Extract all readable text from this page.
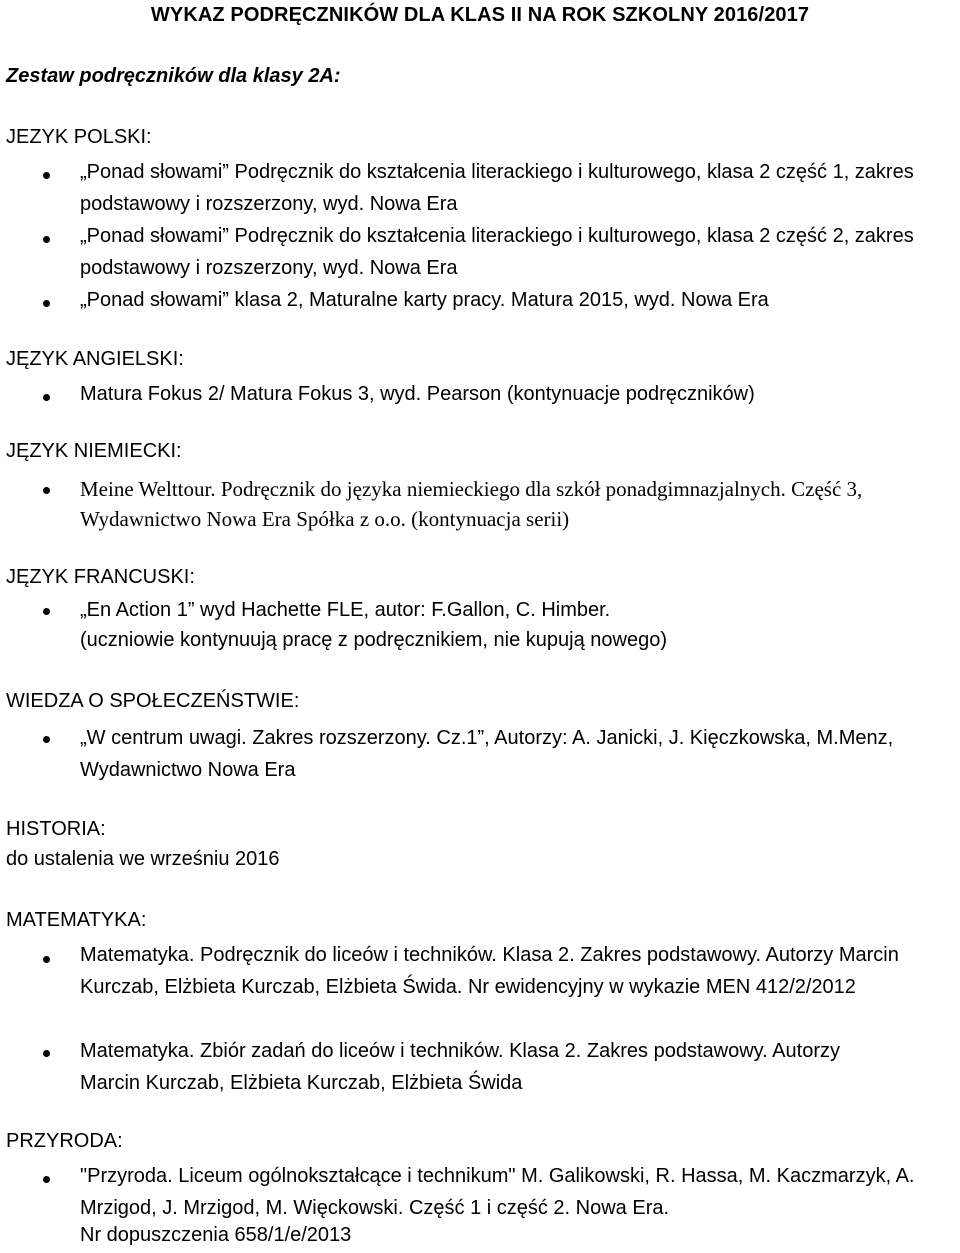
WYKAZ PODRĘCZNIKÓW DLA KLAS II NA ROK SZKOLNY 2016/2017
Zestaw podręczników dla klasy 2A:
JEZYK POLSKI:
„Ponad słowami” Podręcznik do kształcenia literackiego i kulturowego, klasa 2 część 1, zakres podstawowy i rozszerzony, wyd. Nowa Era
„Ponad słowami” Podręcznik do kształcenia literackiego i kulturowego, klasa 2 część 2, zakres podstawowy i rozszerzony, wyd. Nowa Era
„Ponad słowami” klasa 2, Maturalne karty pracy. Matura 2015, wyd. Nowa Era
JĘZYK ANGIELSKI:
Matura Fokus 2/ Matura Fokus 3, wyd. Pearson (kontynuacje podręczników)
JĘZYK NIEMIECKI:
Meine Welttour. Podręcznik do języka niemieckiego dla szkół ponadgimnazjalnych. Część 3, Wydawnictwo Nowa Era Spółka z o.o. (kontynuacja serii)
JĘZYK FRANCUSKI:
„En Action 1” wyd Hachette FLE, autor: F.Gallon, C. Himber.
(uczniowie kontynuują pracę z podręcznikiem, nie kupują nowego)
WIEDZA O SPOŁECZEŃSTWIE:
„W centrum uwagi. Zakres rozszerzony. Cz.1”, Autorzy: A. Janicki, J. Kięczkowska, M.Menz, Wydawnictwo Nowa Era
HISTORIA:
do ustalenia we wrześniu 2016
MATEMATYKA:
Matematyka. Podręcznik do liceów i techników. Klasa 2. Zakres podstawowy. Autorzy Marcin Kurczab, Elżbieta Kurczab, Elżbieta Świda. Nr ewidencyjny w wykazie MEN 412/2/2012
Matematyka. Zbiór zadań do liceów i techników. Klasa 2. Zakres podstawowy. Autorzy Marcin Kurczab, Elżbieta Kurczab, Elżbieta Świda
PRZYRODA:
"Przyroda. Liceum ogólnokształcące i technikum" M. Galikowski, R. Hassa, M. Kaczmarzyk, A. Mrzigod, J. Mrzigod, M. Więckowski. Część 1 i część 2. Nowa Era.
Nr dopuszczenia 658/1/e/2013
